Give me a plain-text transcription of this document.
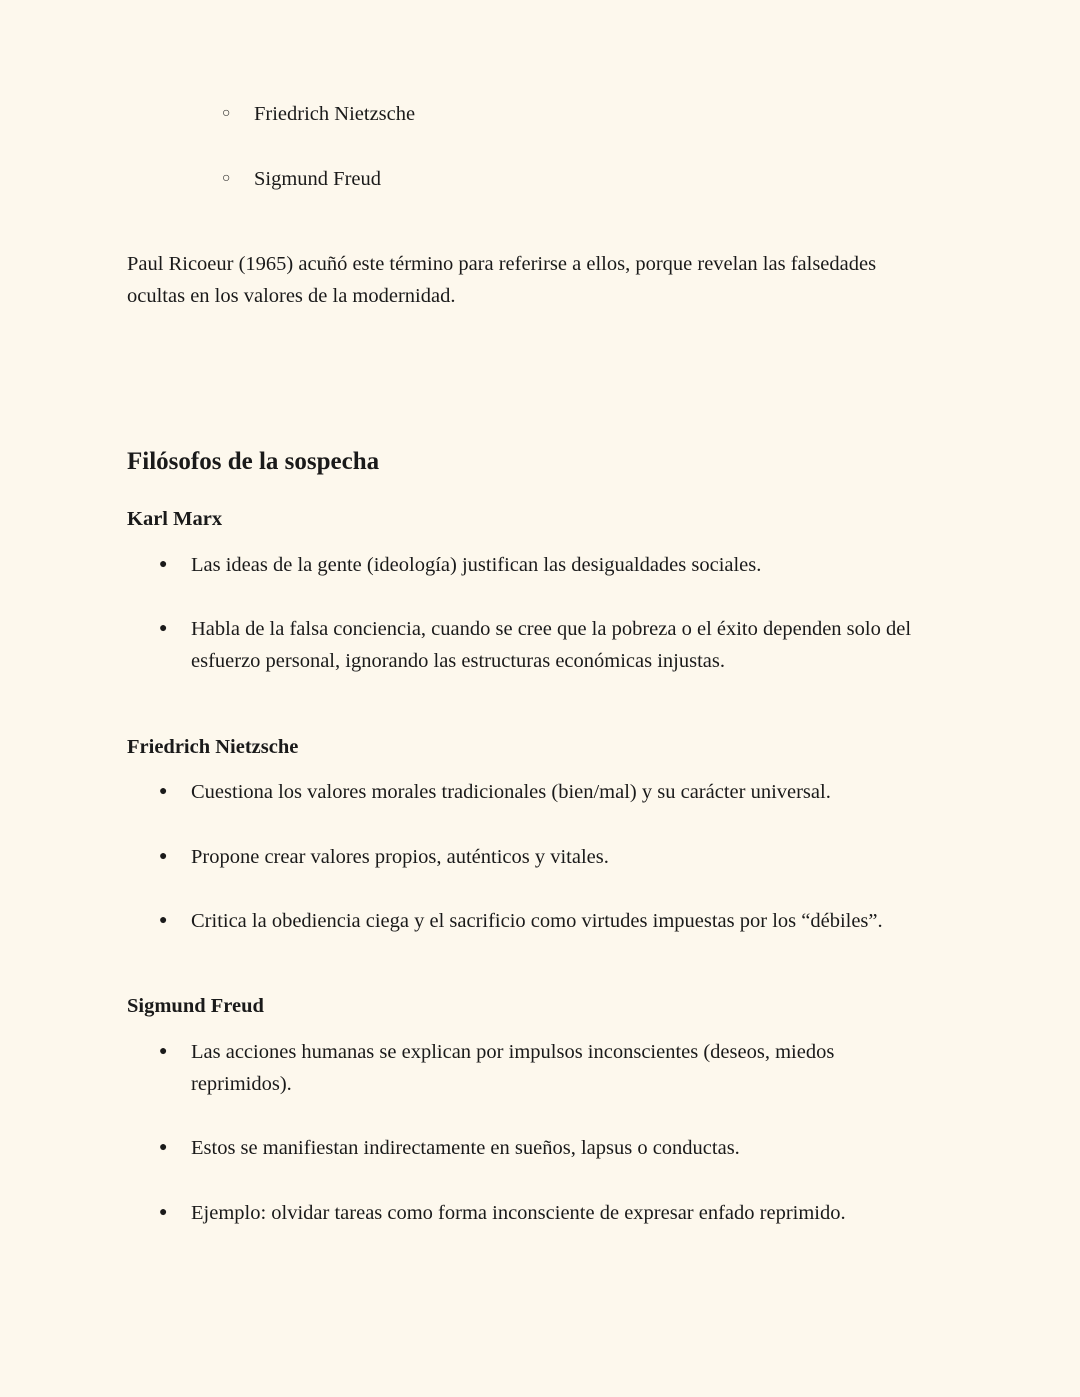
○ Friedrich Nietzsche
○ Sigmund Freud

Paul Ricoeur (1965) acuñó este término para referirse a ellos, porque revelan las falsedades ocultas en los valores de la modernidad.

Filósofos de la sospecha
Karl Marx
● Las ideas de la gente (ideología) justifican las desigualdades sociales.
● Habla de la falsa conciencia, cuando se cree que la pobreza o el éxito dependen solo del esfuerzo personal, ignorando las estructuras económicas injustas.
Friedrich Nietzsche
● Cuestiona los valores morales tradicionales (bien/mal) y su carácter universal.
● Propone crear valores propios, auténticos y vitales.
● Critica la obediencia ciega y el sacrificio como virtudes impuestas por los “débiles”.
Sigmund Freud
● Las acciones humanas se explican por impulsos inconscientes (deseos, miedos reprimidos).
● Estos se manifiestan indirectamente en sueños, lapsus o conductas.
● Ejemplo: olvidar tareas como forma inconsciente de expresar enfado reprimido.
